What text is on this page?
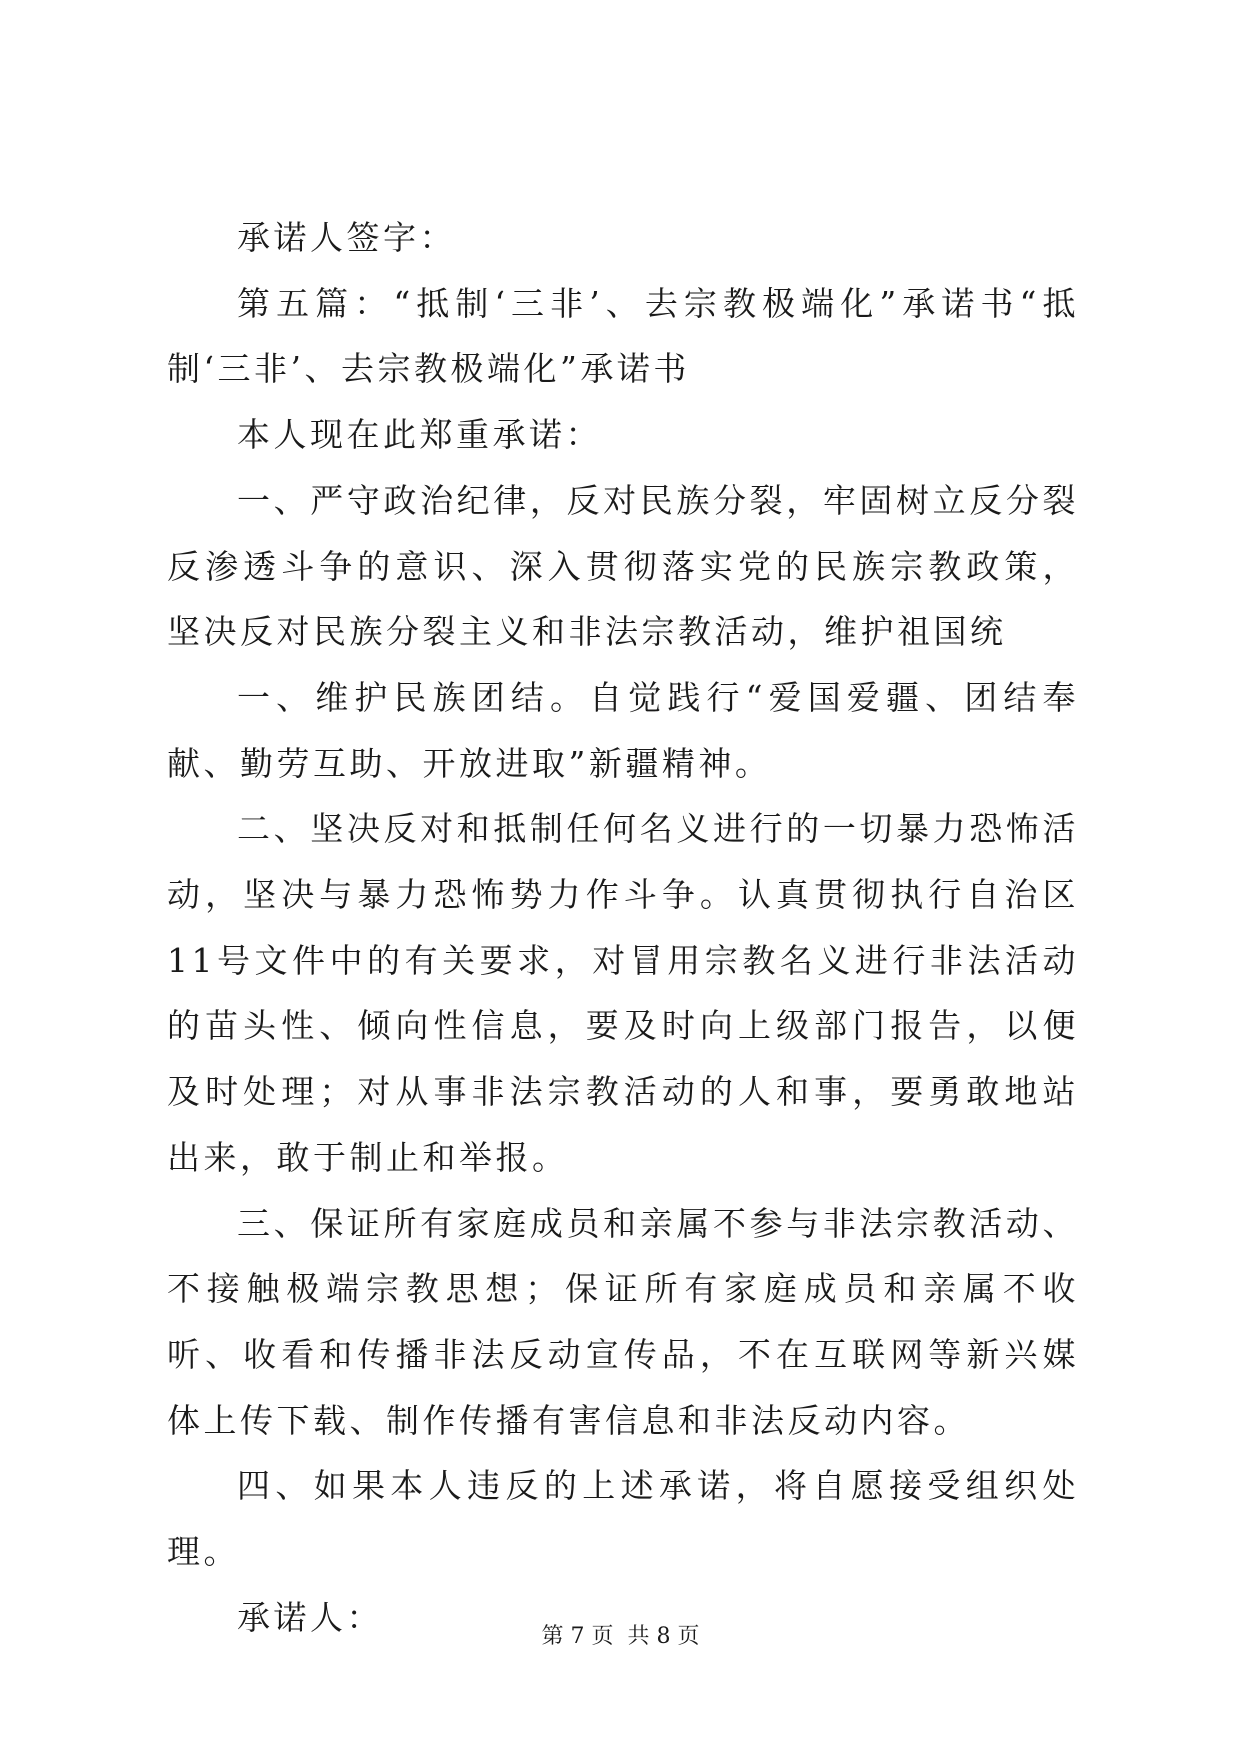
承诺人签字：

第五篇：“抵制‘三非’、去宗教极端化”承诺书“抵制‘三非’、去宗教极端化”承诺书

本人现在此郑重承诺：

一、严守政治纪律，反对民族分裂，牢固树立反分裂反渗透斗争的意识、深入贯彻落实党的民族宗教政策，坚决反对民族分裂主义和非法宗教活动，维护祖国统

一、维护民族团结。自觉践行“爱国爱疆、团结奉献、勤劳互助、开放进取”新疆精神。

二、坚决反对和抵制任何名义进行的一切暴力恐怖活动，坚决与暴力恐怖势力作斗争。认真贯彻执行自治区11号文件中的有关要求，对冒用宗教名义进行非法活动的苗头性、倾向性信息，要及时向上级部门报告，以便及时处理；对从事非法宗教活动的人和事，要勇敢地站出来，敢于制止和举报。

三、保证所有家庭成员和亲属不参与非法宗教活动、不接触极端宗教思想；保证所有家庭成员和亲属不收听、收看和传播非法反动宣传品，不在互联网等新兴媒体上传下载、制作传播有害信息和非法反动内容。

四、如果本人违反的上述承诺，将自愿接受组织处理。

承诺人：	第 7 页 共 8 页
